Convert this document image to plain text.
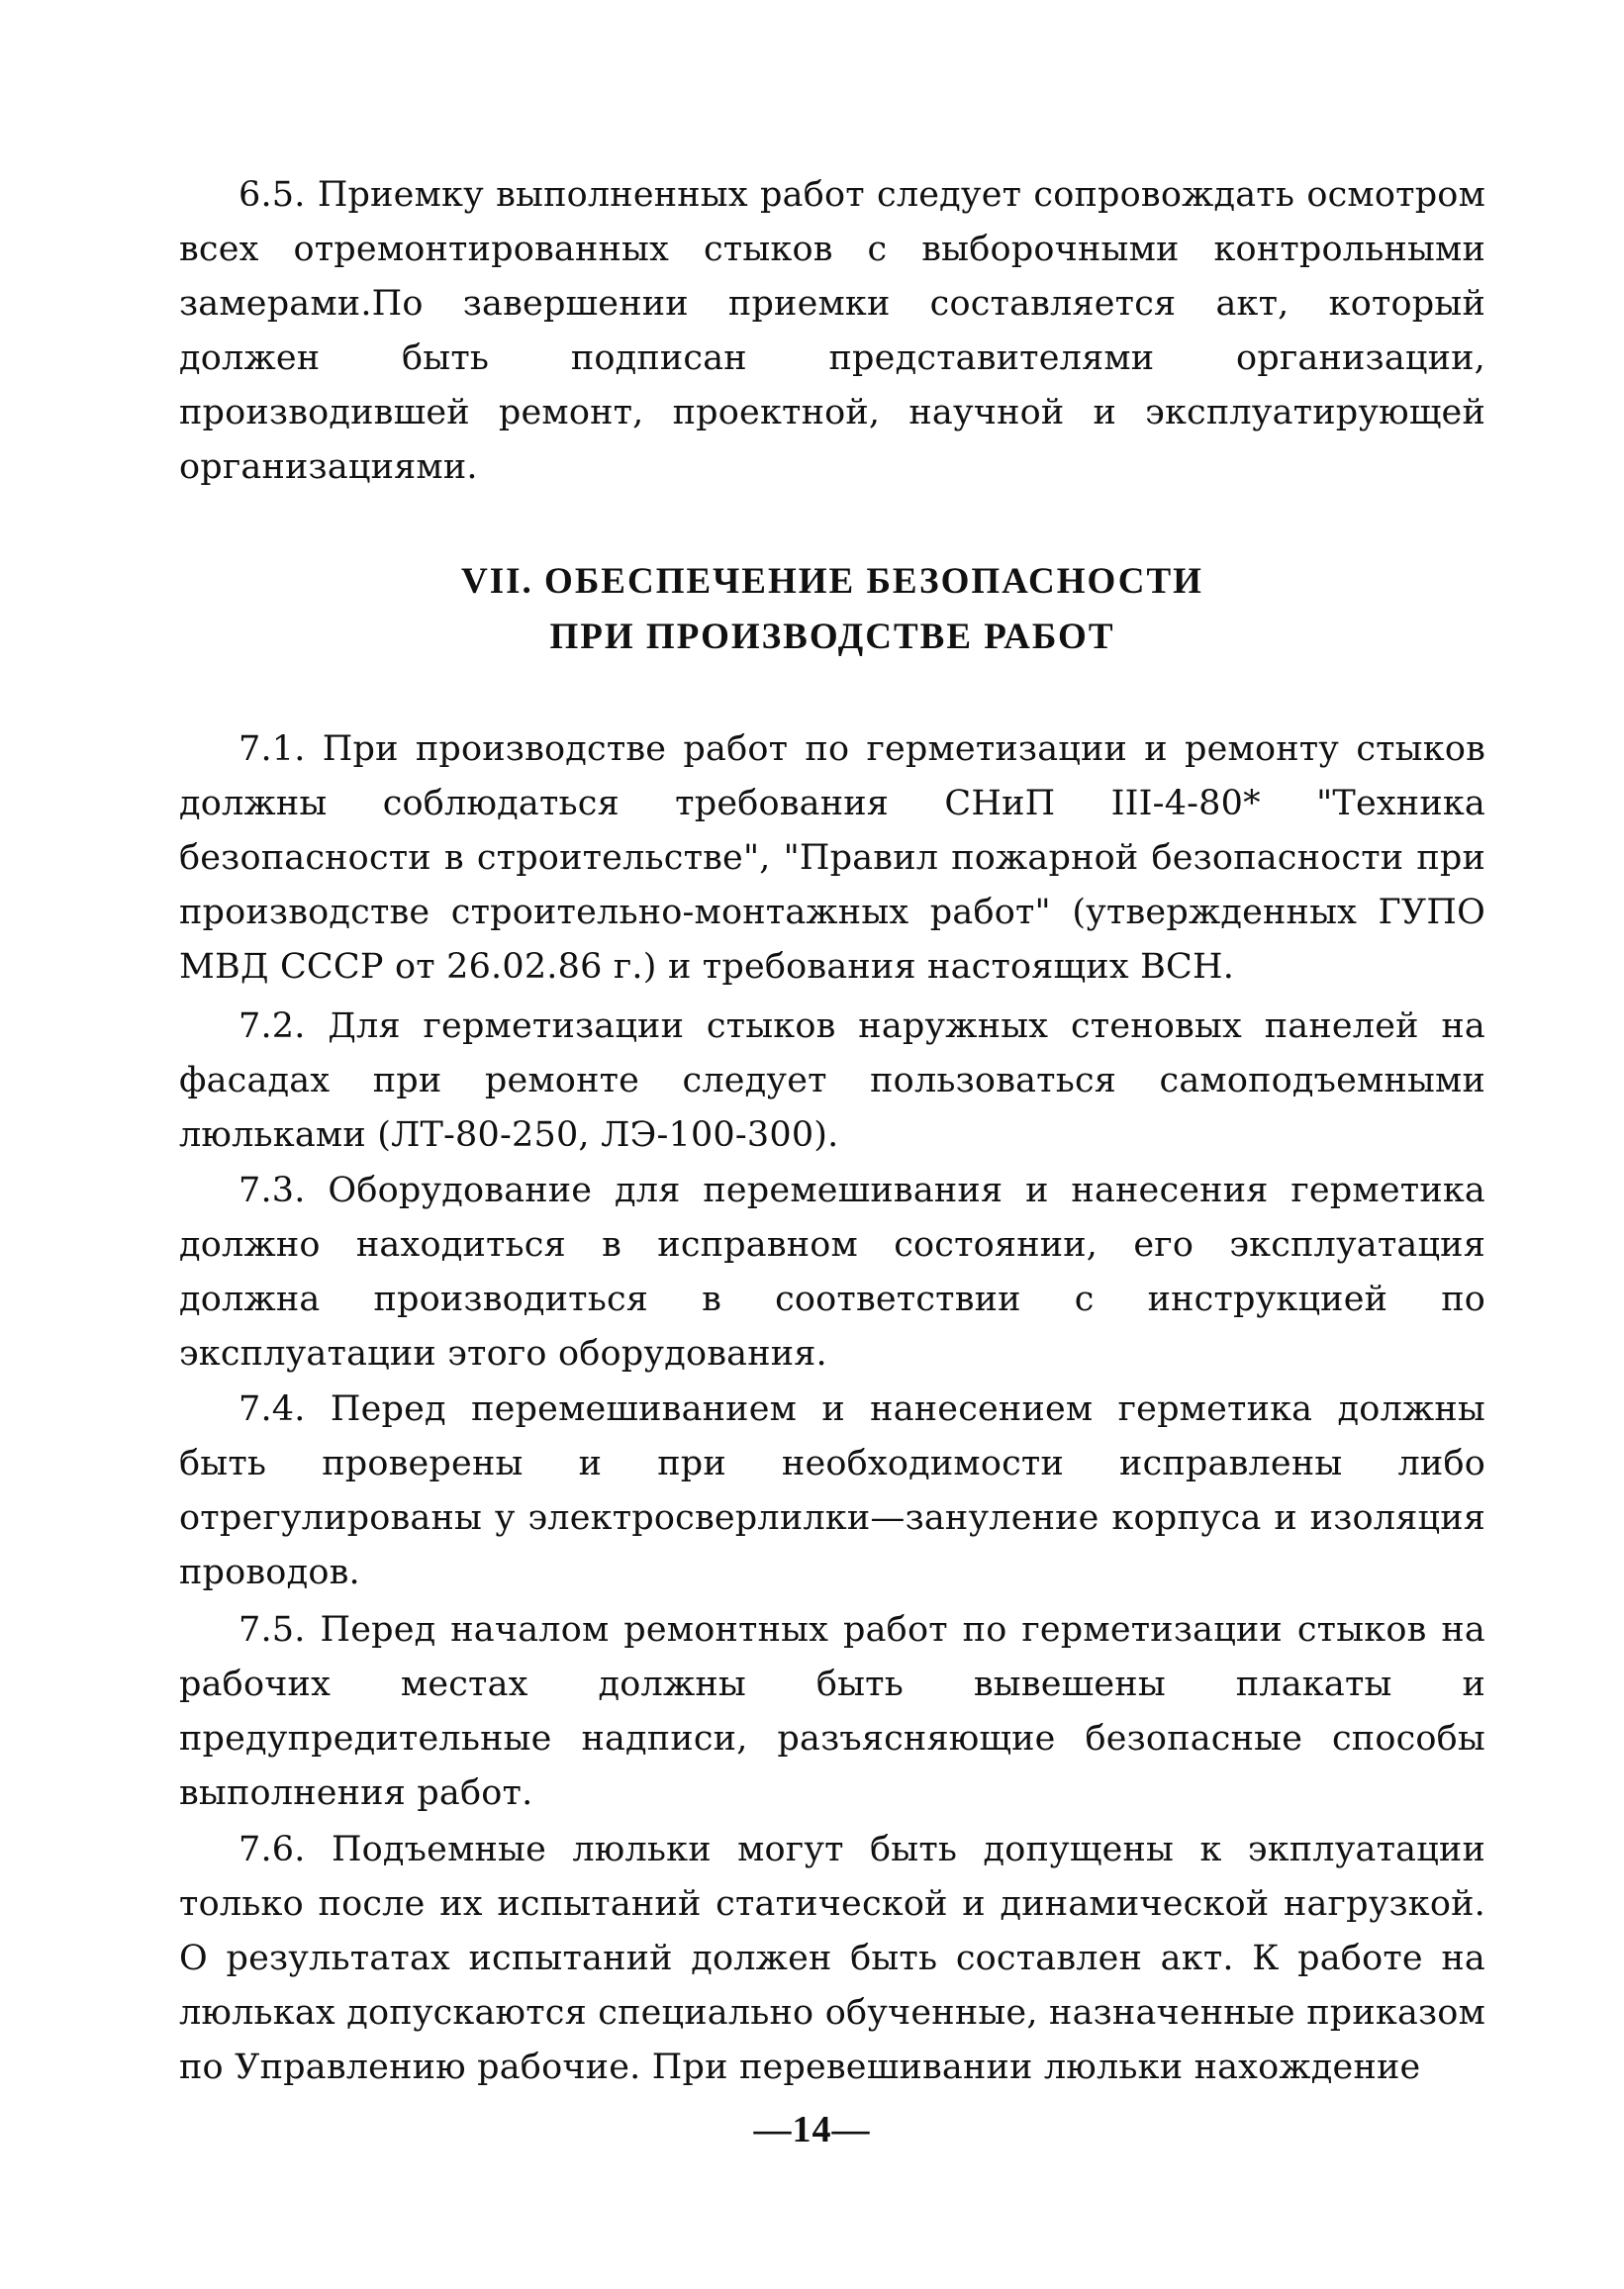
6.5. Приемку выполненных работ следует сопровождать осмотром всех отремонтированных стыков с выборочными контрольными замерами.По завершении приемки составляется акт, который должен быть подписан представителями организации, производившей ремонт, проектной, научной и эксплуатирующей организациями.

VII. ОБЕСПЕЧЕНИЕ БЕЗОПАСНОСТИ
ПРИ ПРОИЗВОДСТВЕ РАБОТ

7.1. При производстве работ по герметизации и ремонту стыков должны соблюдаться требования СНиП III-4-80* "Техника безопасности в строительстве", "Правил пожарной безопасности при производстве строительно-монтажных работ" (утвержденных ГУПО МВД СССР от 26.02.86 г.) и требования настоящих ВСН.

7.2. Для герметизации стыков наружных стеновых панелей на фасадах при ремонте следует пользоваться самоподъемными люльками (ЛТ-80-250, ЛЭ-100-300).

7.3. Оборудование для перемешивания и нанесения герметика должно находиться в исправном состоянии, его эксплуатация должна производиться в соответствии с инструкцией по эксплуатации этого оборудования.

7.4. Перед перемешиванием и нанесением герметика должны быть проверены и при необходимости исправлены либо отрегулированы у электросверлилки—зануление корпуса и изоляция проводов.

7.5. Перед началом ремонтных работ по герметизации стыков на рабочих местах должны быть вывешены плакаты и предупредительные надписи, разъясняющие безопасные способы выполнения работ.

7.6. Подъемные люльки могут быть допущены к экплуатации только после их испытаний статической и динамической нагрузкой. О результатах испытаний должен быть составлен акт. К работе на люльках допускаются специально обученные, назначенные приказом по Управлению рабочие. При перевешивании люльки нахождение

—14—
